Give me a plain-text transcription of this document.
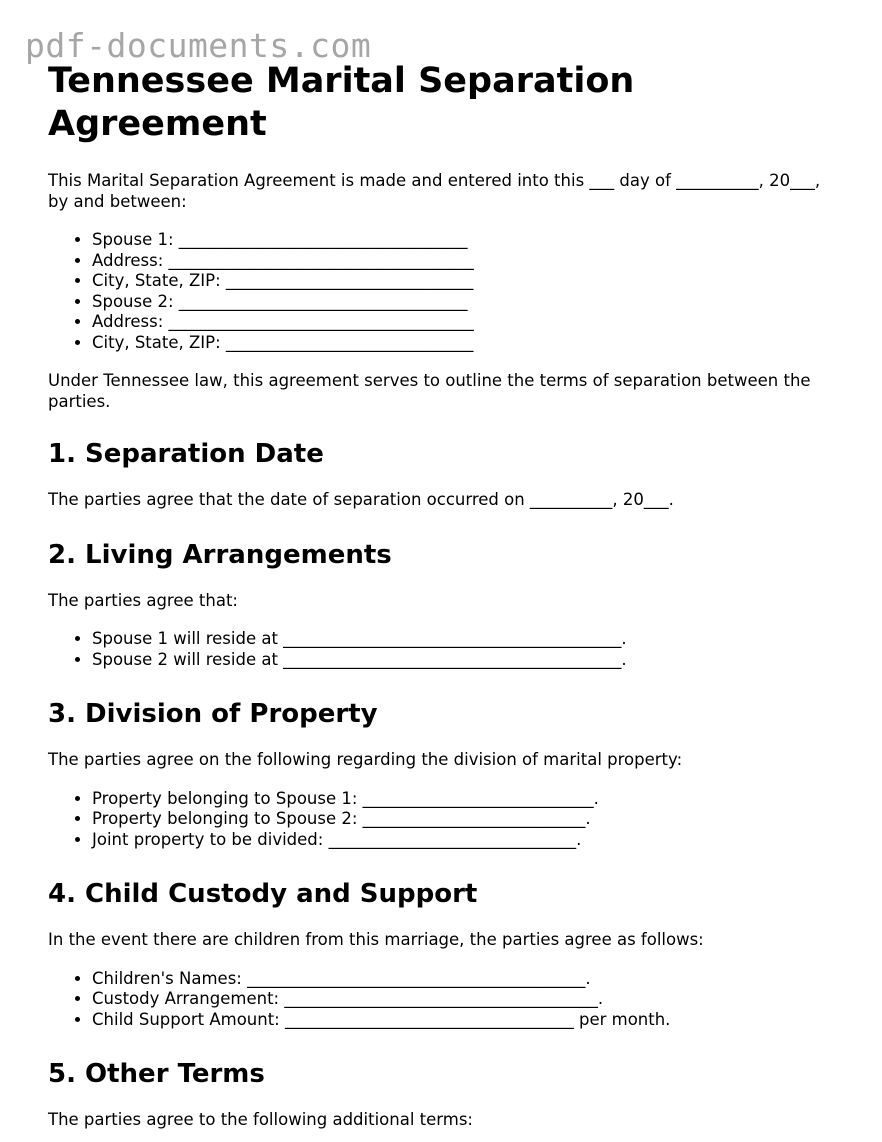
pdf-documents.com
Tennessee Marital Separation Agreement

This Marital Separation Agreement is made and entered into this ___ day of __________, 20___, by and between:

• Spouse 1: ___________________________________
• Address: _____________________________________
• City, State, ZIP: ______________________________
• Spouse 2: ___________________________________
• Address: _____________________________________
• City, State, ZIP: ______________________________

Under Tennessee law, this agreement serves to outline the terms of separation between the parties.

1. Separation Date

The parties agree that the date of separation occurred on __________, 20___.

2. Living Arrangements

The parties agree that:

• Spouse 1 will reside at _________________________________________.
• Spouse 2 will reside at _________________________________________.
3. Division of Property

The parties agree on the following regarding the division of marital property:

• Property belonging to Spouse 1: ____________________________.
• Property belonging to Spouse 2: ___________________________.
• Joint property to be divided: ______________________________.
4. Child Custody and Support

In the event there are children from this marriage, the parties agree as follows:

• Children's Names: _________________________________________.
• Custody Arrangement: ______________________________________.
• Child Support Amount: ___________________________________ per month.
5. Other Terms

The parties agree to the following additional terms:
